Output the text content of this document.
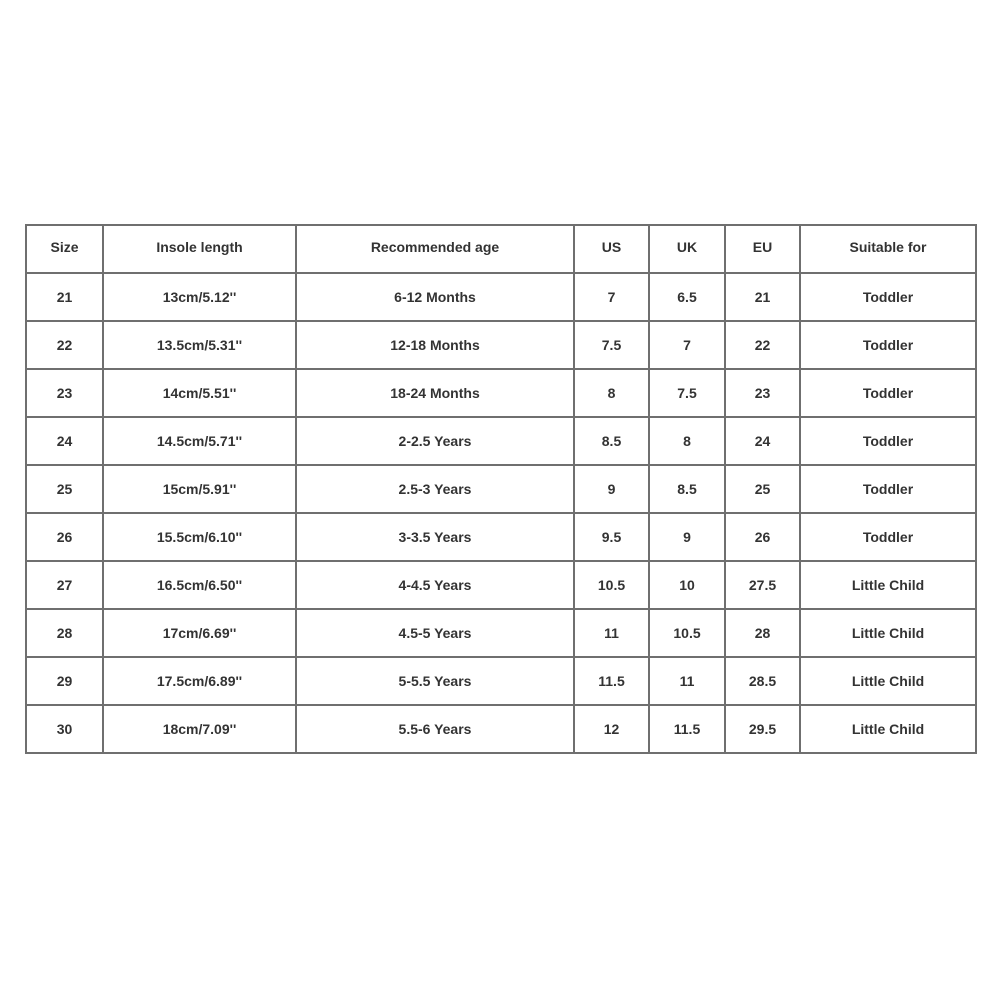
Size	Insole length	Recommended age	US	UK	EU	Suitable for
21	13cm/5.12''	6-12 Months	7	6.5	21	Toddler
22	13.5cm/5.31''	12-18 Months	7.5	7	22	Toddler
23	14cm/5.51''	18-24 Months	8	7.5	23	Toddler
24	14.5cm/5.71''	2-2.5 Years	8.5	8	24	Toddler
25	15cm/5.91''	2.5-3 Years	9	8.5	25	Toddler
26	15.5cm/6.10''	3-3.5 Years	9.5	9	26	Toddler
27	16.5cm/6.50''	4-4.5 Years	10.5	10	27.5	Little Child
28	17cm/6.69''	4.5-5 Years	11	10.5	28	Little Child
29	17.5cm/6.89''	5-5.5 Years	11.5	11	28.5	Little Child
30	18cm/7.09''	5.5-6 Years	12	11.5	29.5	Little Child
